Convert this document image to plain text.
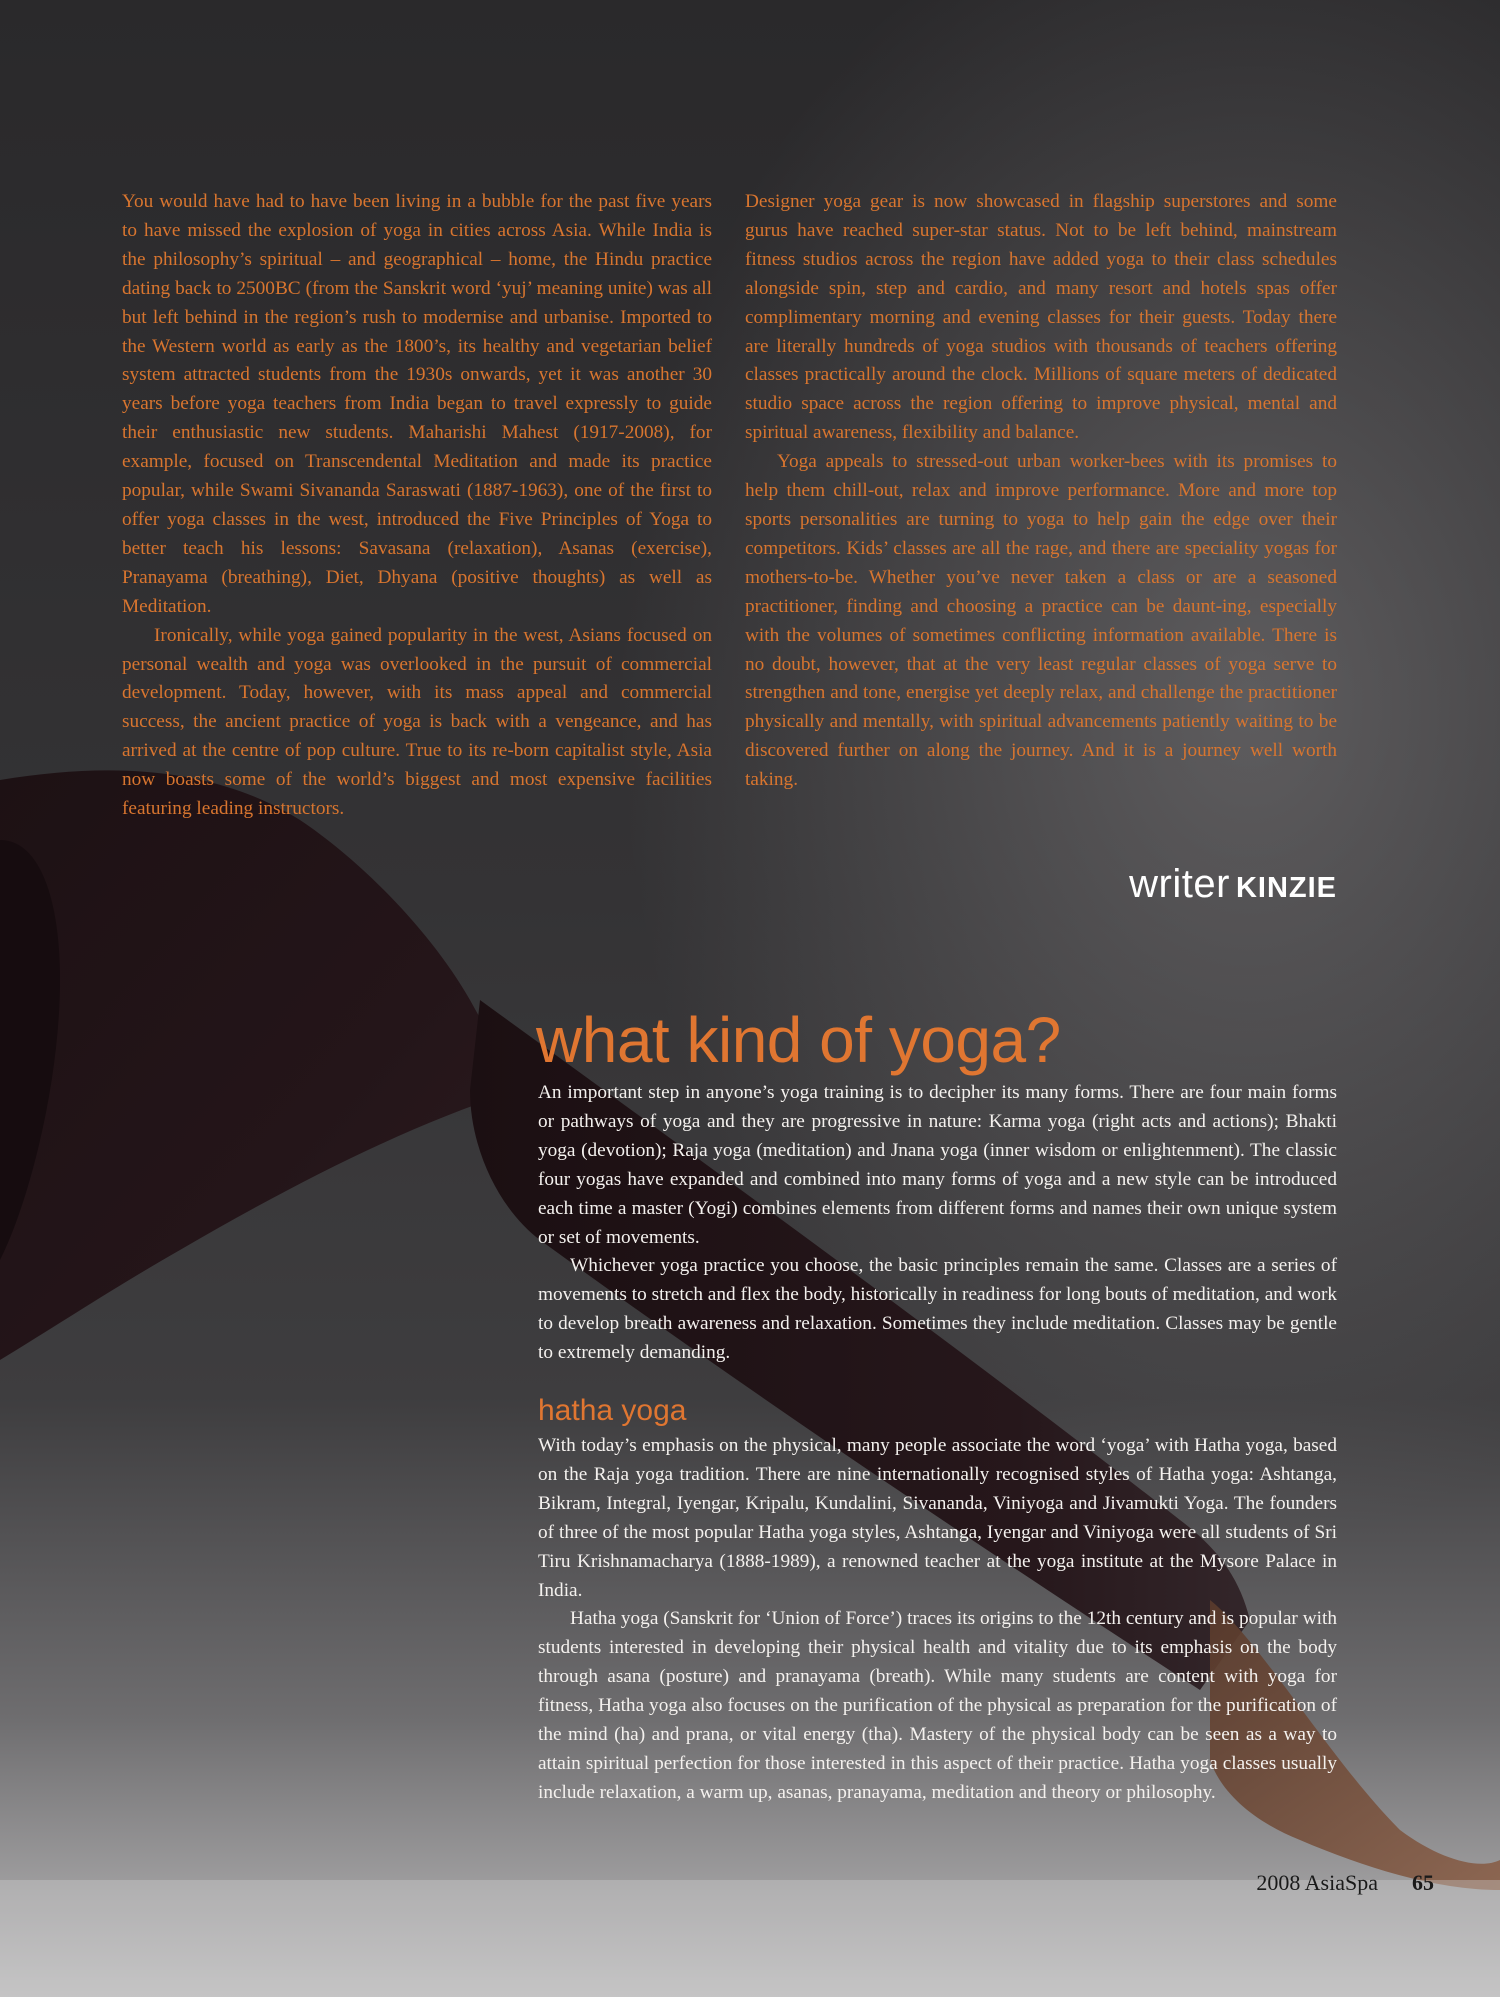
You would have had to have been living in a bubble for the past five years to have missed the explosion of yoga in cities across Asia. While India is the philosophy’s spiritual – and geographical – home, the Hindu practice dating back to 2500BC (from the Sanskrit word ‘yuj’ meaning unite) was all but left behind in the region’s rush to modernise and urbanise. Imported to the Western world as early as the 1800’s, its healthy and vegetarian belief system attracted students from the 1930s onwards, yet it was another 30 years before yoga teachers from India began to travel expressly to guide their enthusiastic new students. Maharishi Mahest (1917-2008), for example, focused on Transcendental Meditation and made its practice popular, while Swami Sivananda Saraswati (1887-1963), one of the first to offer yoga classes in the west, introduced the Five Principles of Yoga to better teach his lessons: Savasana (relaxation), Asanas (exercise), Pranayama (breathing), Diet, Dhyana (positive thoughts) as well as Meditation.

Ironically, while yoga gained popularity in the west, Asians focused on personal wealth and yoga was overlooked in the pursuit of commercial development. Today, however, with its mass appeal and commercial success, the ancient practice of yoga is back with a vengeance, and has arrived at the centre of pop culture. True to its re-born capitalist style, Asia now boasts some of the world’s biggest and most expensive facilities featuring leading instructors.

Designer yoga gear is now showcased in flagship superstores and some gurus have reached super-star status. Not to be left behind, mainstream fitness studios across the region have added yoga to their class schedules alongside spin, step and cardio, and many resort and hotels spas offer complimentary morning and evening classes for their guests. Today there are literally hundreds of yoga studios with thousands of teachers offering classes practically around the clock. Millions of square meters of dedicated studio space across the region offering to improve physical, mental and spiritual awareness, flexibility and balance.

Yoga appeals to stressed-out urban worker-bees with its promises to help them chill-out, relax and improve performance. More and more top sports personalities are turning to yoga to help gain the edge over their competitors. Kids’ classes are all the rage, and there are speciality yogas for mothers-to-be. Whether you’ve never taken a class or are a seasoned practitioner, finding and choosing a practice can be daunt-ing, especially with the volumes of sometimes conflicting information available. There is no doubt, however, that at the very least regular classes of yoga serve to strengthen and tone, energise yet deeply relax, and challenge the practitioner physically and mentally, with spiritual advancements patiently waiting to be discovered further on along the journey. And it is a journey well worth taking.

writer KINZIE
what kind of yoga?

An important step in anyone’s yoga training is to decipher its many forms. There are four main forms or pathways of yoga and they are progressive in nature: Karma yoga (right acts and actions); Bhakti yoga (devotion); Raja yoga (meditation) and Jnana yoga (inner wisdom or enlightenment). The classic four yogas have expanded and combined into many forms of yoga and a new style can be introduced each time a master (Yogi) combines elements from different forms and names their own unique system or set of movements.

Whichever yoga practice you choose, the basic principles remain the same. Classes are a series of movements to stretch and flex the body, historically in readiness for long bouts of meditation, and work to develop breath awareness and relaxation. Sometimes they include meditation. Classes may be gentle to extremely demanding.

hatha yoga

With today’s emphasis on the physical, many people associate the word ‘yoga’ with Hatha yoga, based on the Raja yoga tradition. There are nine internationally recognised styles of Hatha yoga: Ashtanga, Bikram, Integral, Iyengar, Kripalu, Kundalini, Sivananda, Viniyoga and Jivamukti Yoga. The founders of three of the most popular Hatha yoga styles, Ashtanga, Iyengar and Viniyoga were all students of Sri Tiru Krishnamacharya (1888-1989), a renowned teacher at the yoga institute at the Mysore Palace in India.

Hatha yoga (Sanskrit for ‘Union of Force’) traces its origins to the 12th century and is popular with students interested in developing their physical health and vitality due to its emphasis on the body through asana (posture) and pranayama (breath). While many students are content with yoga for fitness, Hatha yoga also focuses on the purification of the physical as preparation for the purification of the mind (ha) and prana, or vital energy (tha). Mastery of the physical body can be seen as a way to attain spiritual perfection for those interested in this aspect of their practice. Hatha yoga classes usually include relaxation, a warm up, asanas, pranayama, meditation and theory or philosophy.

2008 AsiaSpa 65
